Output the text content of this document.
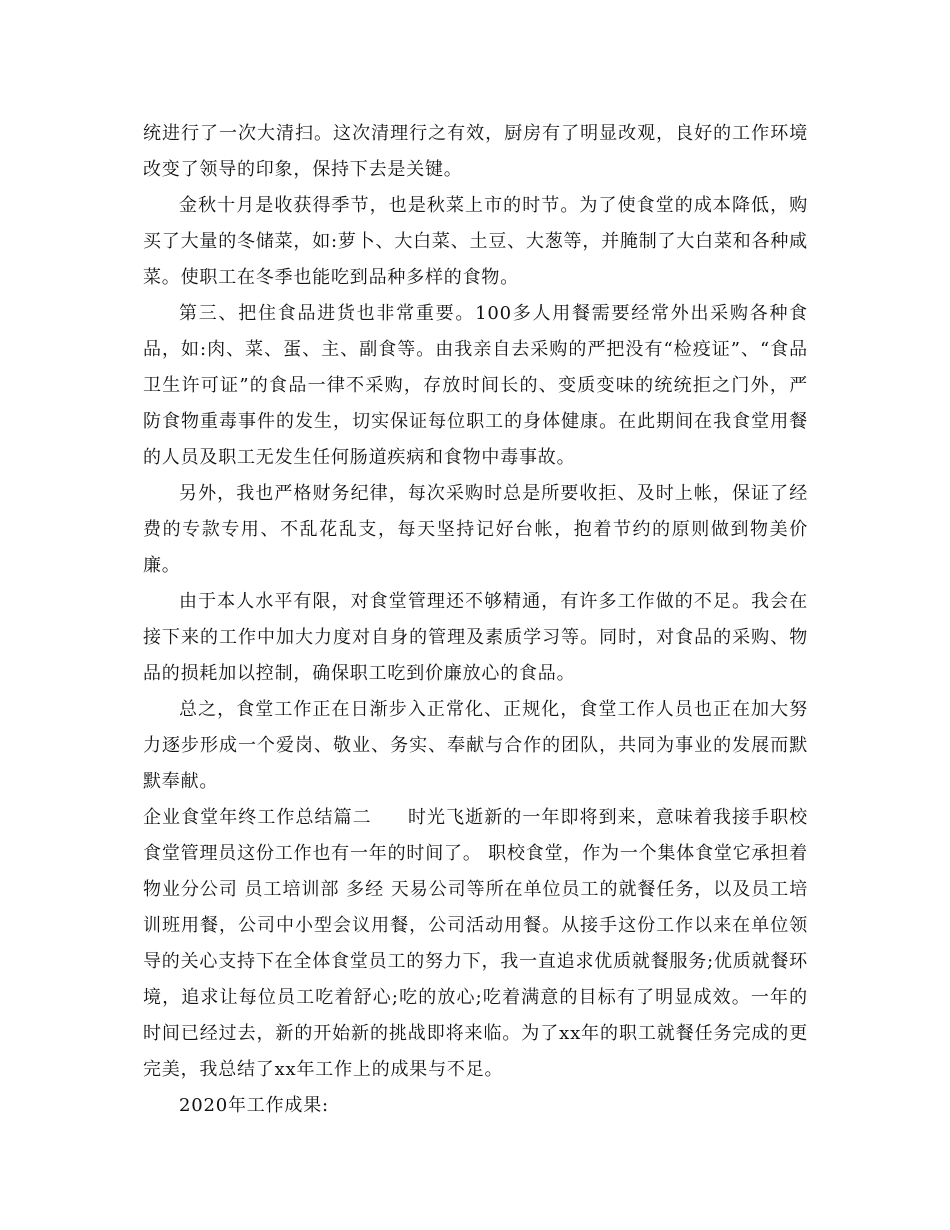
统进行了一次大清扫。这次清理行之有效，厨房有了明显改观，良好的工作环境改变了领导的印象，保持下去是关键。

金秋十月是收获得季节，也是秋菜上市的时节。为了使食堂的成本降低，购买了大量的冬储菜，如:萝卜、大白菜、土豆、大葱等，并腌制了大白菜和各种咸菜。使职工在冬季也能吃到品种多样的食物。

第三、把住食品进货也非常重要。100多人用餐需要经常外出采购各种食品，如:肉、菜、蛋、主、副食等。由我亲自去采购的严把没有“检疫证”、“食品卫生许可证”的食品一律不采购，存放时间长的、变质变味的统统拒之门外，严防食物重毒事件的发生，切实保证每位职工的身体健康。在此期间在我食堂用餐的人员及职工无发生任何肠道疾病和食物中毒事故。

另外，我也严格财务纪律，每次采购时总是所要收拒、及时上帐，保证了经费的专款专用、不乱花乱支，每天坚持记好台帐，抱着节约的原则做到物美价廉。

由于本人水平有限，对食堂管理还不够精通，有许多工作做的不足。我会在接下来的工作中加大力度对自身的管理及素质学习等。同时，对食品的采购、物品的损耗加以控制，确保职工吃到价廉放心的食品。

总之，食堂工作正在日渐步入正常化、正规化，食堂工作人员也正在加大努力逐步形成一个爱岗、敬业、务实、奉献与合作的团队，共同为事业的发展而默默奉献。

企业食堂年终工作总结篇二 时光飞逝新的一年即将到来，意味着我接手职校食堂管理员这份工作也有一年的时间了。 职校食堂，作为一个集体食堂它承担着物业分公司 员工培训部 多经 天易公司等所在单位员工的就餐任务，以及员工培训班用餐，公司中小型会议用餐，公司活动用餐。从接手这份工作以来在单位领导的关心支持下在全体食堂员工的努力下，我一直追求优质就餐服务;优质就餐环境，追求让每位员工吃着舒心;吃的放心;吃着满意的目标有了明显成效。一年的时间已经过去，新的开始新的挑战即将来临。为了xx年的职工就餐任务完成的更完美，我总结了xx年工作上的成果与不足。

2020年工作成果:
